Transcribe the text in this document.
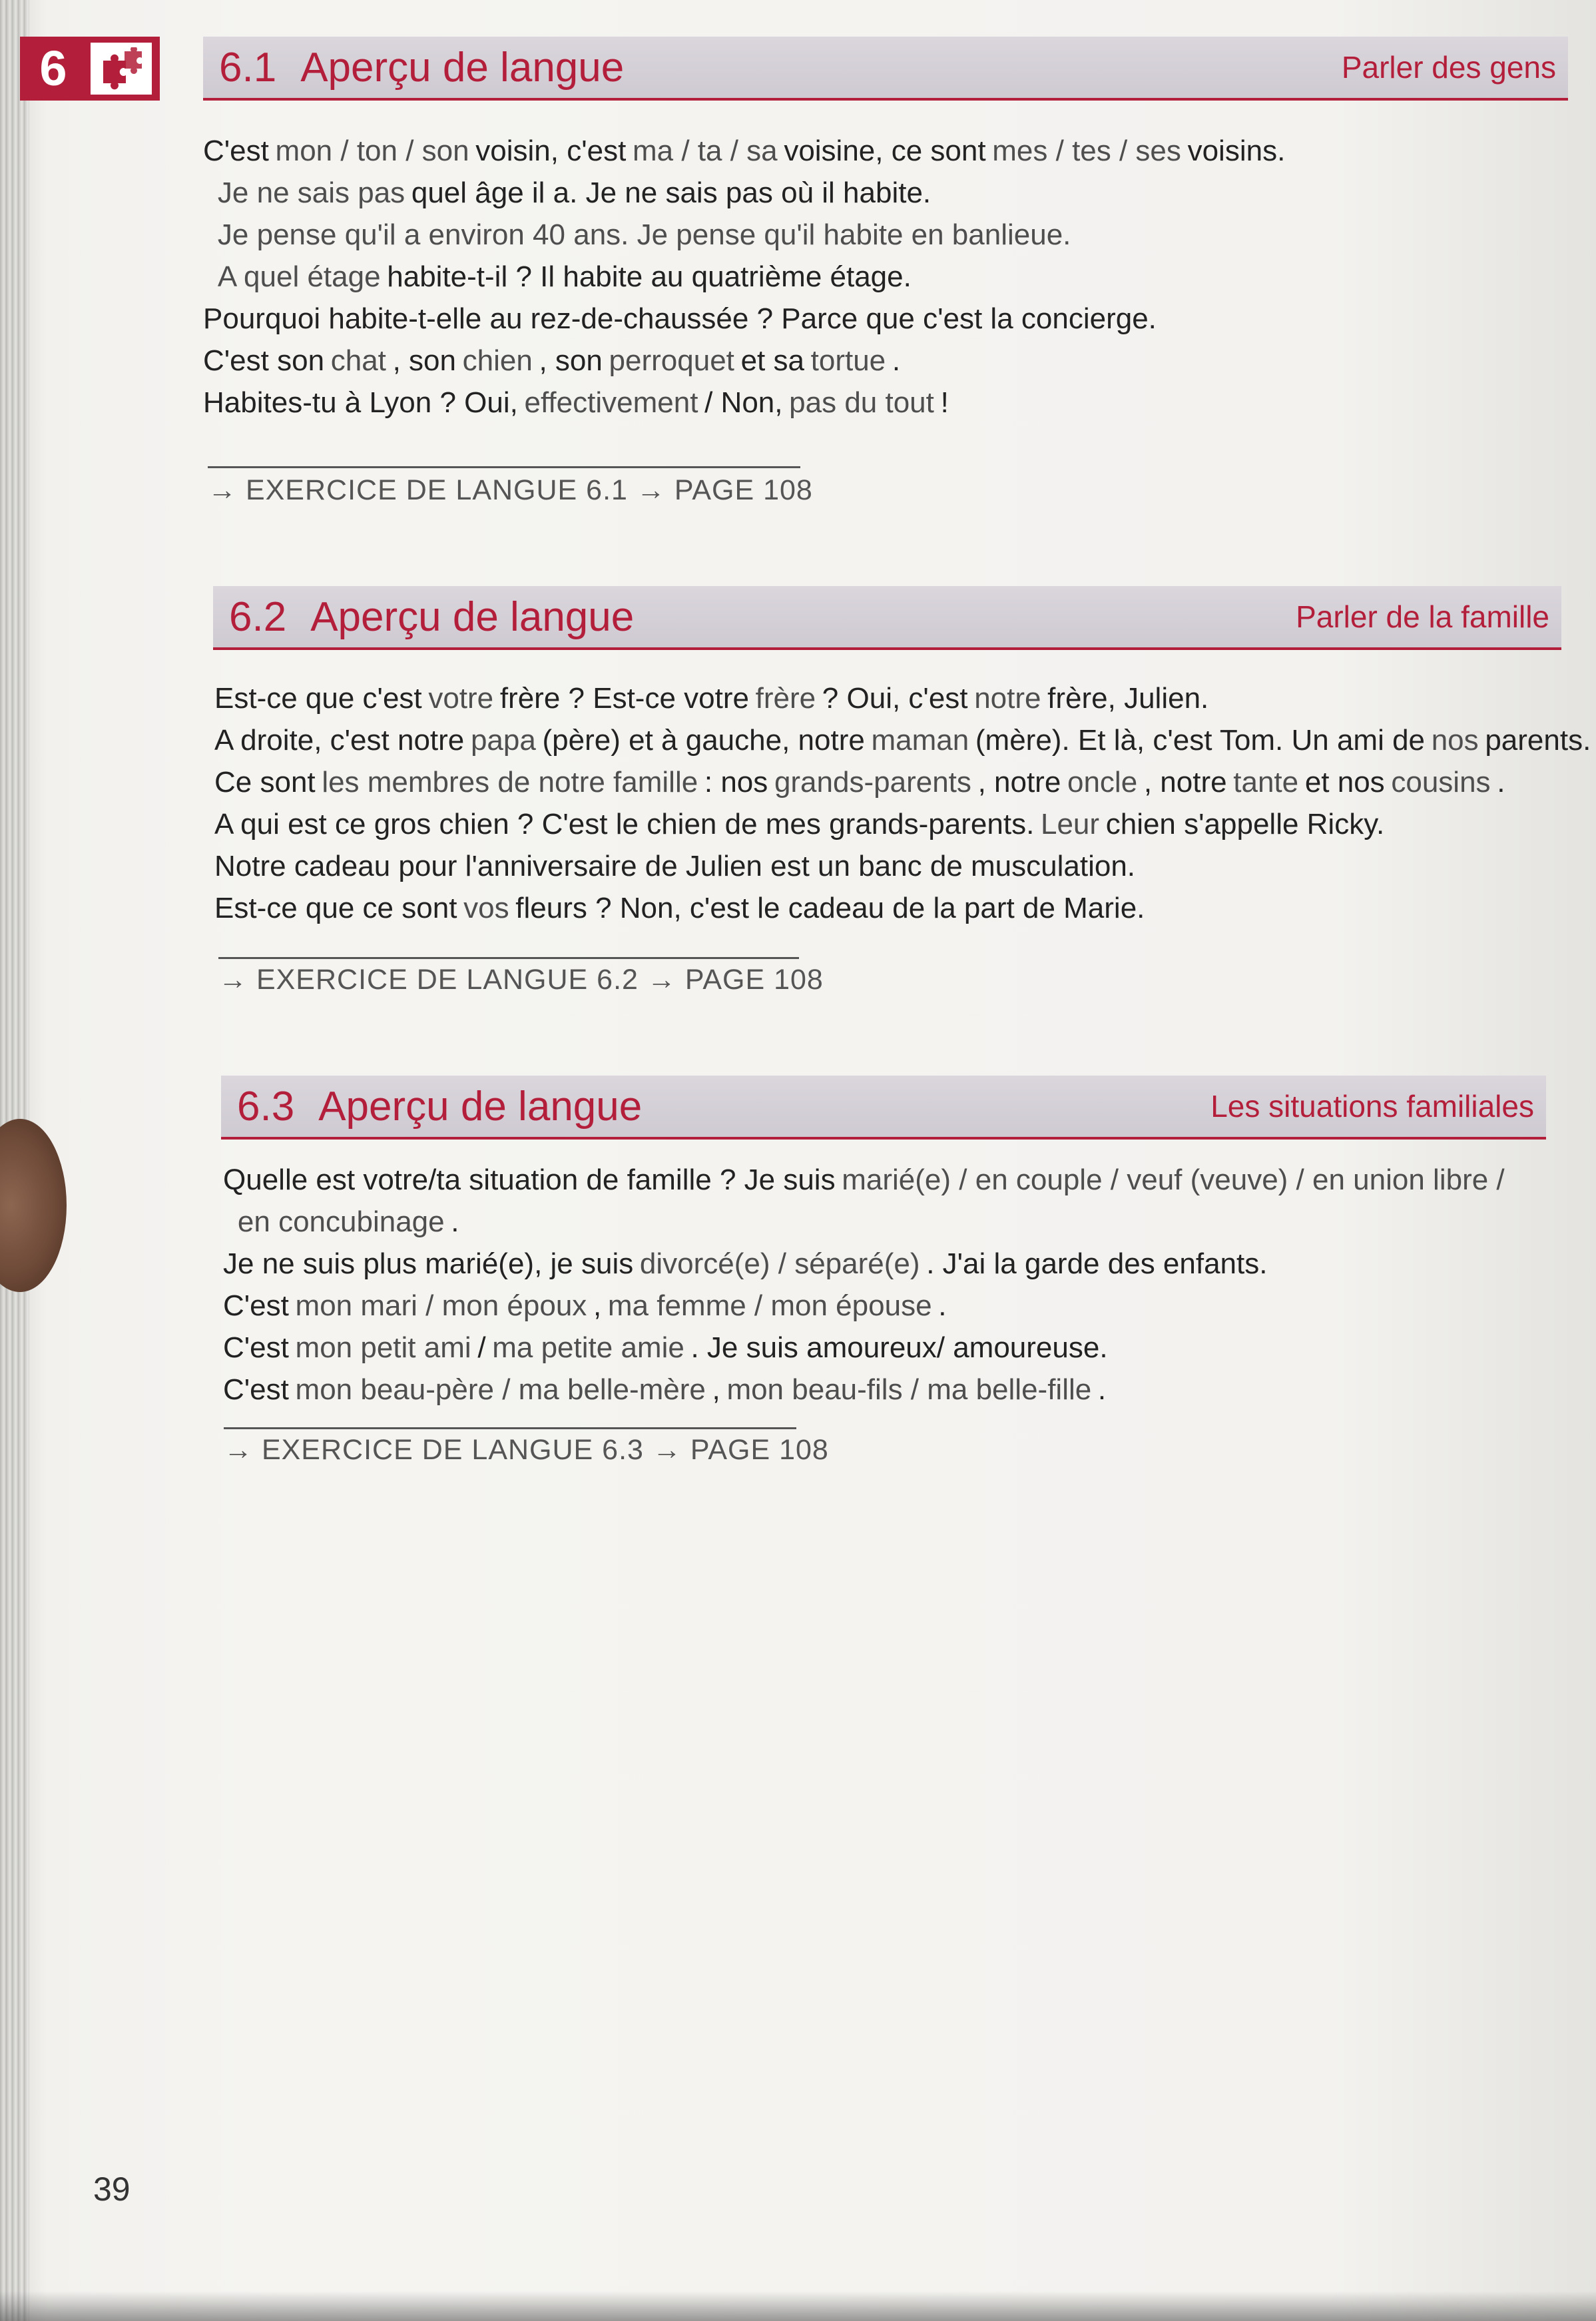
6	6.1 Aperçu de langue	Parler des gens

C'est mon / ton / son voisin, c'est ma / ta / sa voisine, ce sont mes / tes / ses voisins.

Je ne sais pas quel âge il a. Je ne sais pas où il habite.

Je pense qu'il a environ 40 ans. Je pense qu'il habite en banlieue.

A quel étage habite-t-il ? Il habite au quatrième étage.

Pourquoi habite-t-elle au rez-de-chaussée ? Parce que c'est la concierge.

C'est son chat , son chien , son perroquet et sa tortue .

Habites-tu à Lyon ? Oui, effectivement / Non, pas du tout !

→ EXERCICE DE LANGUE 6.1 → PAGE 108
6.2 Aperçu de langue	Parler de la famille

Est-ce que c'est votre frère ? Est-ce votre frère ? Oui, c'est notre frère, Julien.

A droite, c'est notre papa (père) et à gauche, notre maman (mère). Et là, c'est Tom. Un ami de nos parents.

Ce sont les membres de notre famille : nos grands-parents , notre oncle , notre tante et nos cousins .

A qui est ce gros chien ? C'est le chien de mes grands-parents. Leur chien s'appelle Ricky.

Notre cadeau pour l'anniversaire de Julien est un banc de musculation.

Est-ce que ce sont vos fleurs ? Non, c'est le cadeau de la part de Marie.

→ EXERCICE DE LANGUE 6.2 → PAGE 108
6.3 Aperçu de langue	Les situations familiales

Quelle est votre/ta situation de famille ? Je suis marié(e) / en couple / veuf (veuve) / en union libre /

en concubinage .

Je ne suis plus marié(e), je suis divorcé(e) / séparé(e) . J'ai la garde des enfants.

C'est mon mari / mon époux , ma femme / mon épouse .

C'est mon petit ami / ma petite amie . Je suis amoureux/ amoureuse.

C'est mon beau-père / ma belle-mère , mon beau-fils / ma belle-fille .

→ EXERCICE DE LANGUE 6.3 → PAGE 108
39
